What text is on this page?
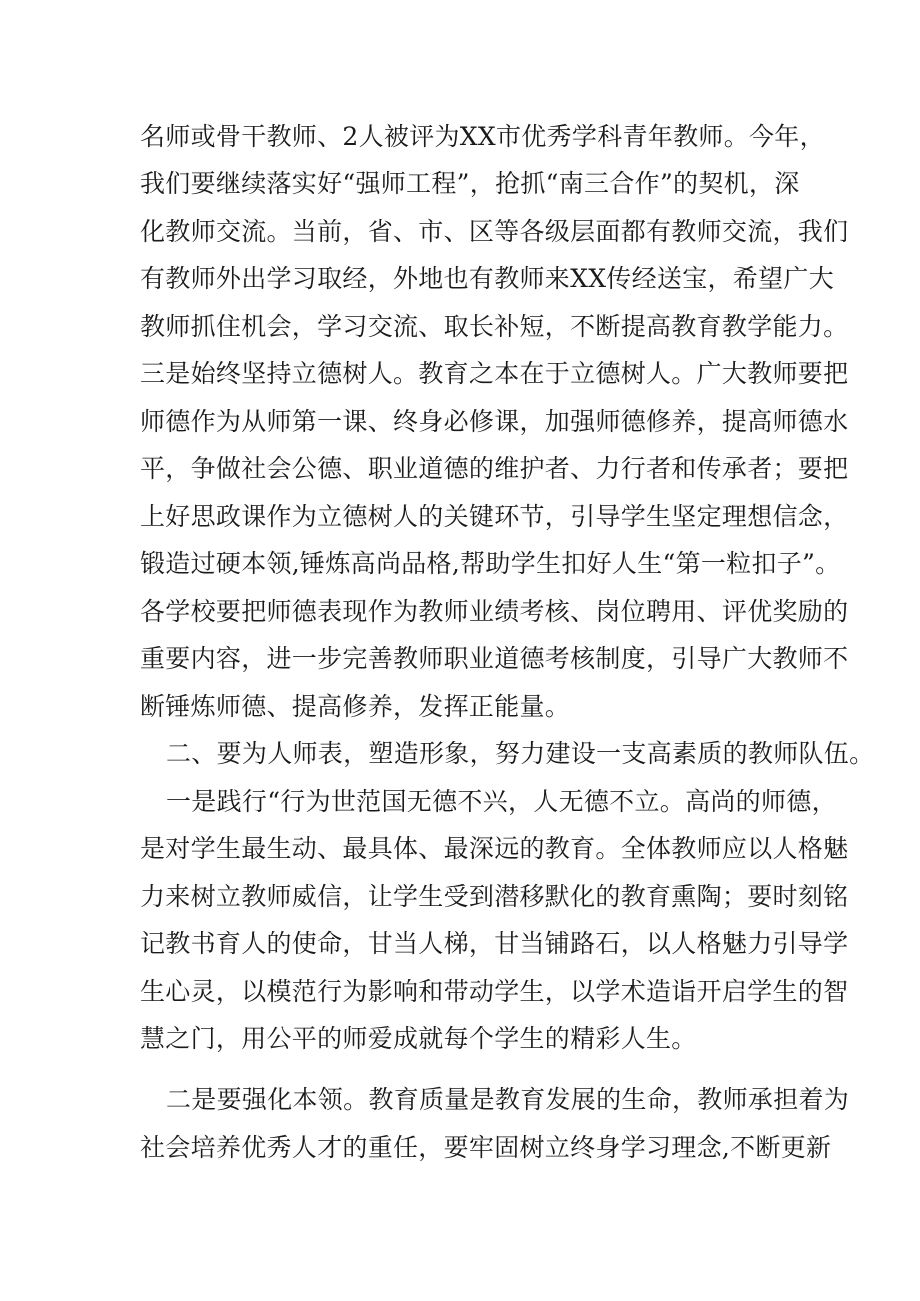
名师或骨干教师、2人被评为XX市优秀学科青年教师。今年，
我们要继续落实好“强师工程”，抢抓“南三合作”的契机，深
化教师交流。当前，省、市、区等各级层面都有教师交流，我们
有教师外出学习取经，外地也有教师来XX传经送宝，希望广大
教师抓住机会，学习交流、取长补短，不断提高教育教学能力。
三是始终坚持立德树人。教育之本在于立德树人。广大教师要把
师德作为从师第一课、终身必修课，加强师德修养，提高师德水
平，争做社会公德、职业道德的维护者、力行者和传承者；要把
上好思政课作为立德树人的关键环节，引导学生坚定理想信念，
锻造过硬本领,锤炼高尚品格,帮助学生扣好人生“第一粒扣子”。
各学校要把师德表现作为教师业绩考核、岗位聘用、评优奖励的
重要内容，进一步完善教师职业道德考核制度，引导广大教师不
断锤炼师德、提高修养，发挥正能量。
二、要为人师表，塑造形象，努力建设一支高素质的教师队伍。
一是践行“行为世范国无德不兴，人无德不立。高尚的师德，
是对学生最生动、最具体、最深远的教育。全体教师应以人格魅
力来树立教师威信，让学生受到潜移默化的教育熏陶；要时刻铭
记教书育人的使命，甘当人梯，甘当铺路石，以人格魅力引导学
生心灵，以模范行为影响和带动学生，以学术造诣开启学生的智
慧之门，用公平的师爱成就每个学生的精彩人生。
二是要强化本领。教育质量是教育发展的生命，教师承担着为
社会培养优秀人才的重任，要牢固树立终身学习理念,不断更新
